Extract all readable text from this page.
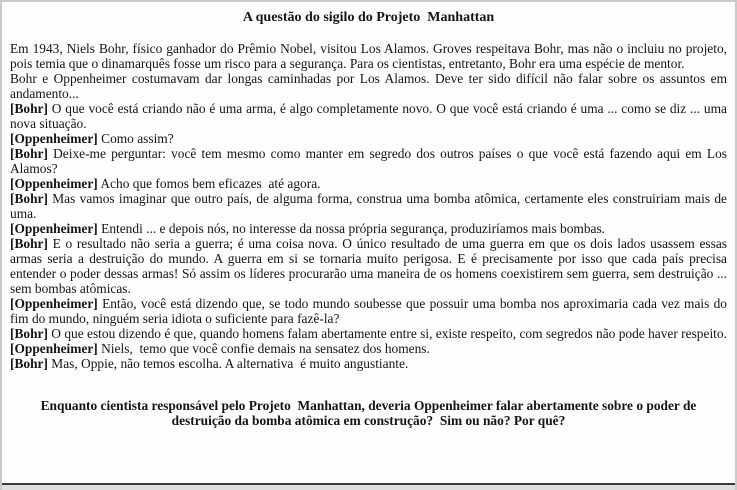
A questão do sigilo do Projeto  Manhattan

Em 1943, Niels Bohr, físico ganhador do Prêmio Nobel, visitou Los Alamos. Groves respeitava Bohr, mas não o incluiu no projeto, pois temia que o dinamarquês fosse um risco para a segurança. Para os cientistas, entretanto, Bohr era uma espécie de mentor.

Bohr e Oppenheimer costumavam dar longas caminhadas por Los Alamos. Deve ter sido difícil não falar sobre os assuntos em andamento...

[Bohr] O que você está criando não é uma arma, é algo completamente novo. O que você está criando é uma ... como se diz ... uma nova situação.

[Oppenheimer] Como assim?

[Bohr] Deixe-me perguntar: você tem mesmo como manter em segredo dos outros países o que você está fazendo aqui em Los Alamos?

[Oppenheimer] Acho que fomos bem eficazes  até agora.

[Bohr] Mas vamos imaginar que outro país, de alguma forma, construa uma bomba atômica, certamente eles construiriam mais de uma.

[Oppenheimer] Entendi ... e depois nós, no interesse da nossa própria segurança, produziríamos mais bombas.

[Bohr] E o resultado não seria a guerra; é uma coisa nova. O único resultado de uma guerra em que os dois lados usassem essas armas seria a destruição do mundo. A guerra em si se tornaria muito perigosa. E é precisamente por isso que cada país precisa entender o poder dessas armas! Só assim os líderes procurarão uma maneira de os homens coexistirem sem guerra, sem destruição ... sem bombas atômicas.

[Oppenheimer] Então, você está dizendo que, se todo mundo soubesse que possuir uma bomba nos aproximaria cada vez mais do fim do mundo, ninguém seria idiota o suficiente para fazê-la?

[Bohr] O que estou dizendo é que, quando homens falam abertamente entre si, existe respeito, com segredos não pode haver respeito.

[Oppenheimer] Niels,  temo que você confie demais na sensatez dos homens.

[Bohr] Mas, Oppie, não temos escolha. A alternativa  é muito angustiante.

Enquanto cientista responsável pelo Projeto  Manhattan, deveria Oppenheimer falar abertamente sobre o poder de destruição da bomba atômica em construção?  Sim ou não? Por quê?
